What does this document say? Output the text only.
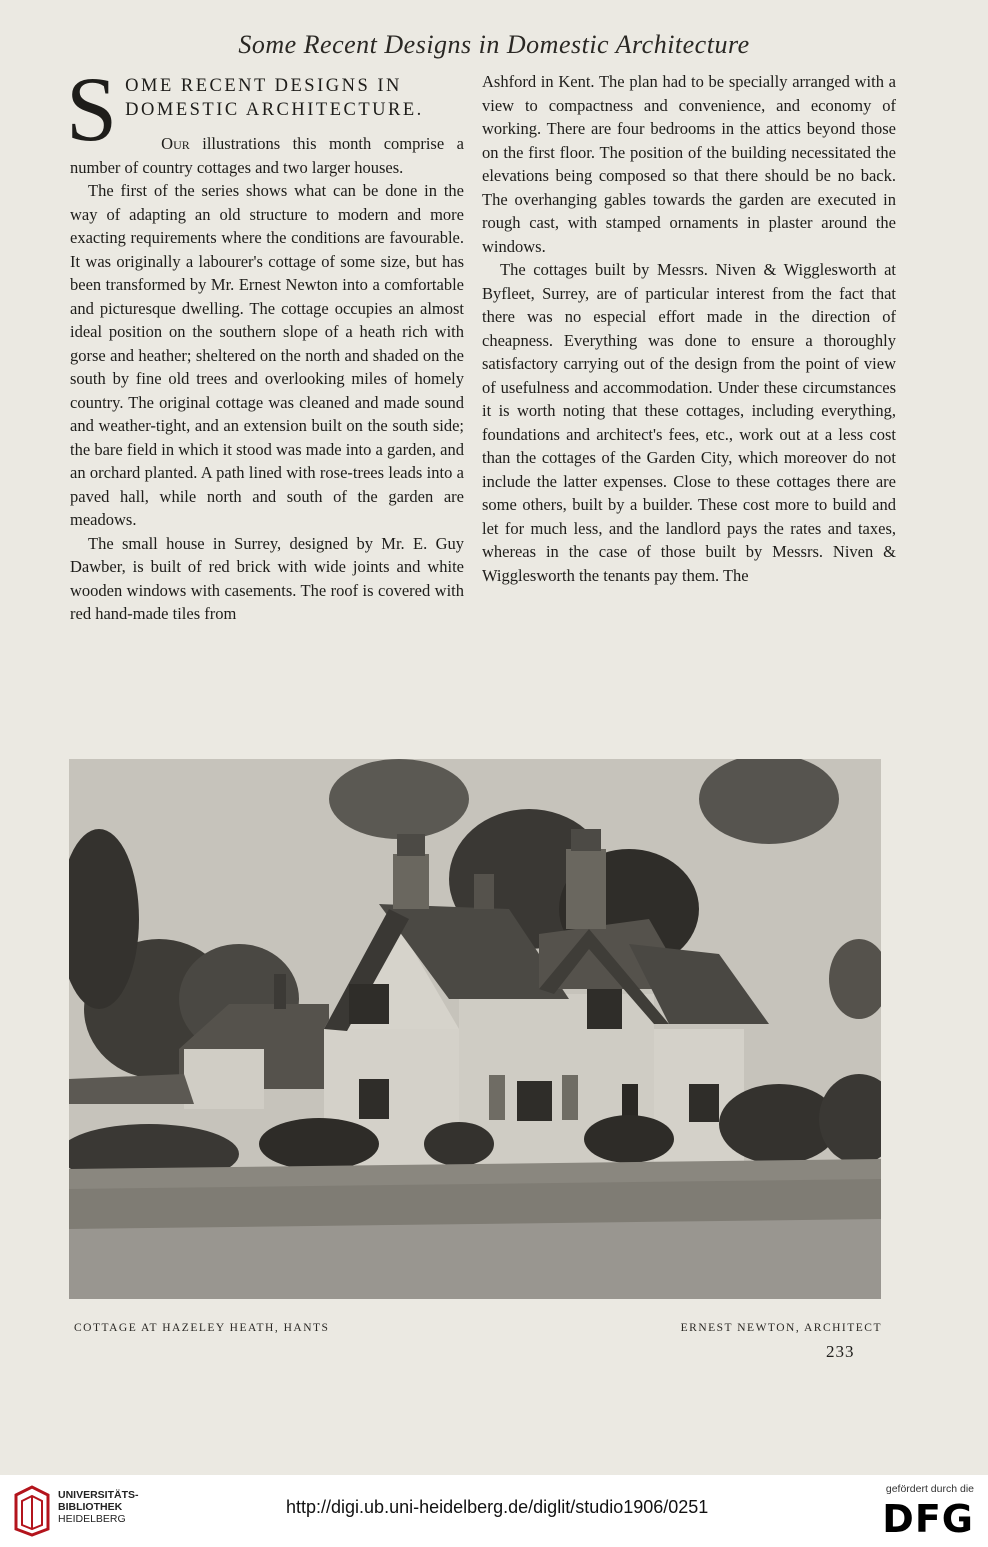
Some Recent Designs in Domestic Architecture
S OME RECENT DESIGNS IN
DOMESTIC ARCHITECTURE.

Our illustrations this month comprise a number of country cottages and two larger houses.

The first of the series shows what can be done in the way of adapting an old structure to modern and more exacting requirements where the conditions are favourable. It was originally a labourer's cottage of some size, but has been transformed by Mr. Ernest Newton into a comfortable and picturesque dwelling. The cottage occupies an almost ideal position on the southern slope of a heath rich with gorse and heather; sheltered on the north and shaded on the south by fine old trees and overlooking miles of homely country. The original cottage was cleaned and made sound and weather-tight, and an extension built on the south side; the bare field in which it stood was made into a garden, and an orchard planted. A path lined with rose-trees leads into a paved hall, while north and south of the garden are meadows.

The small house in Surrey, designed by Mr. E. Guy Dawber, is built of red brick with wide joints and white wooden windows with casements. The roof is covered with red hand-made tiles from

Ashford in Kent. The plan had to be specially arranged with a view to compactness and convenience, and economy of working. There are four bedrooms in the attics beyond those on the first floor. The position of the building necessitated the elevations being composed so that there should be no back. The overhanging gables towards the garden are executed in rough cast, with stamped ornaments in plaster around the windows.

The cottages built by Messrs. Niven & Wigglesworth at Byfleet, Surrey, are of particular interest from the fact that there was no especial effort made in the direction of cheapness. Everything was done to ensure a thoroughly satisfactory carrying out of the design from the point of view of usefulness and accommodation. Under these circumstances it is worth noting that these cottages, including everything, foundations and architect's fees, etc., work out at a less cost than the cottages of the Garden City, which moreover do not include the latter expenses. Close to these cottages there are some others, built by a builder. These cost more to build and let for much less, and the landlord pays the rates and taxes, whereas in the case of those built by Messrs. Niven & Wigglesworth the tenants pay them. The

COTTAGE AT HAZELEY HEATH, HANTS	ERNEST NEWTON, ARCHITECT
233
UNIVERSITÄTS-
BIBLIOTHEK
HEIDELBERG
http://digi.ub.uni-heidelberg.de/diglit/studio1906/0251
gefördert durch die
DFG
